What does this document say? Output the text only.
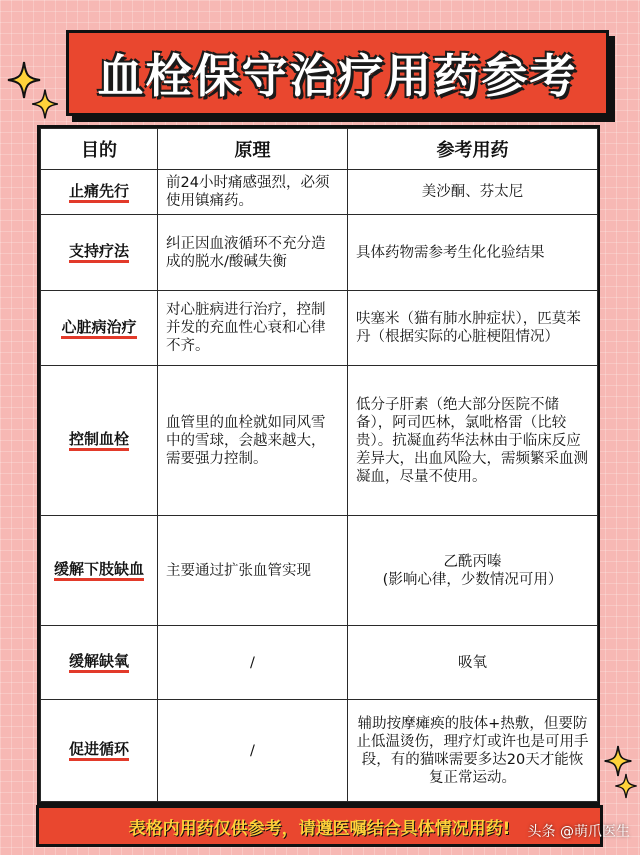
血栓保守治疗用药参考
目的	原理	参考用药
止痛先行	前24小时痛感强烈，必须使用镇痛药。	美沙酮、芬太尼
支持疗法	纠正因血液循环不充分造成的脱水/酸碱失衡	具体药物需参考生化化验结果
心脏病治疗	对心脏病进行治疗，控制并发的充血性心衰和心律不齐。	呋塞米（猫有肺水肿症状），匹莫苯丹（根据实际的心脏梗阻情况）
控制血栓	血管里的血栓就如同风雪中的雪球，会越来越大，需要强力控制。	低分子肝素（绝大部分医院不储备），阿司匹林，氯吡格雷（比较贵）。抗凝血药华法林由于临床反应差异大，出血风险大，需频繁采血测凝血，尽量不使用。
缓解下肢缺血	主要通过扩张血管实现	乙酰丙嗪
(影响心律，少数情况可用）
缓解缺氧	/	吸氧
促进循环	/	辅助按摩瘫痪的肢体+热敷，但要防止低温烫伤，理疗灯或许也是可用手段，有的猫咪需要多达20天才能恢复正常运动。
表格内用药仅供参考，请遵医嘱结合具体情况用药! 头条 @萌爪医生
